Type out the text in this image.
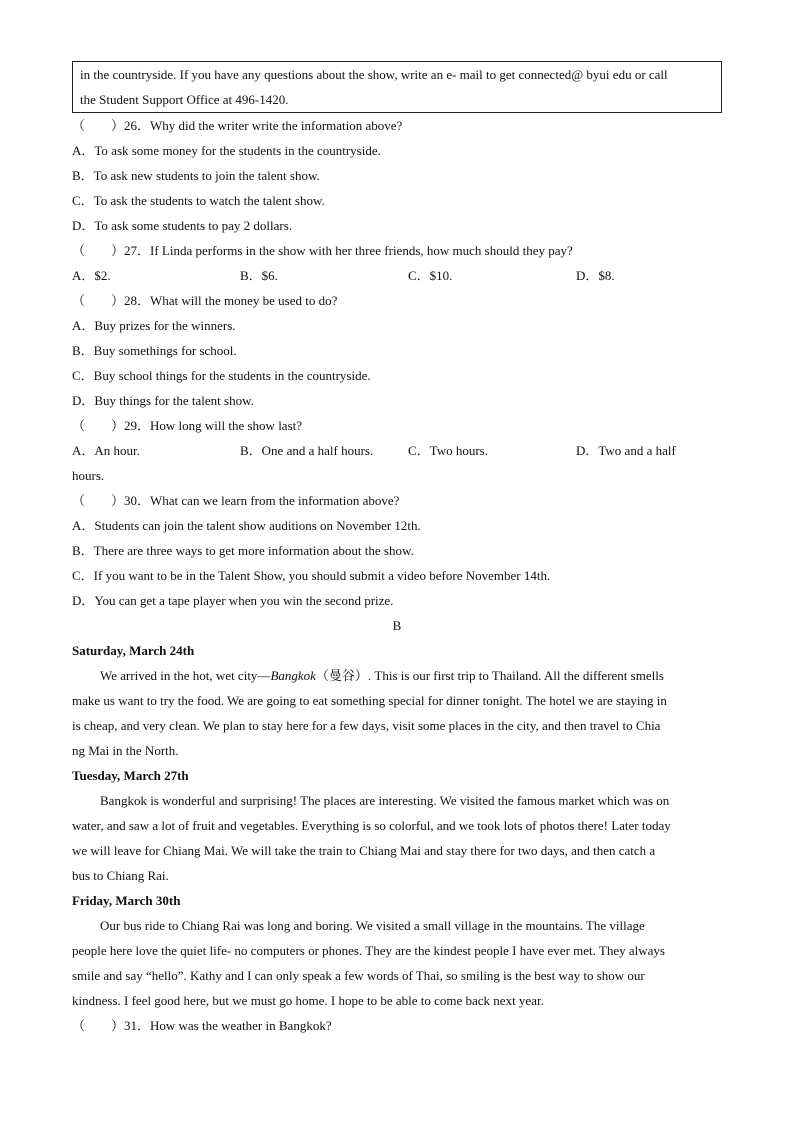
in the countryside. If you have any questions about the show, write an e- mail to get connected@ byui edu or call
the Student Support Office at 496-1420.
（　　）26．Why did the writer write the information above?
A．To ask some money for the students in the countryside.
B．To ask new students to join the talent show.
C．To ask the students to watch the talent show.
D．To ask some students to pay 2 dollars.
（　　）27．If Linda performs in the show with her three friends, how much should they pay?
A．$2.	B．$6.	C．$10.	D．$8.
（　　）28．What will the money be used to do?
A．Buy prizes for the winners.
B．Buy somethings for school.
C．Buy school things for the students in the countryside.
D．Buy things for the talent show.
（　　）29．How long will the show last?
A．An hour.	B．One and a half hours.	C．Two hours.	D．Two and a half
hours.
（　　）30．What can we learn from the information above?
A．Students can join the talent show auditions on November 12th.
B．There are three ways to get more information about the show.
C．If you want to be in the Talent Show, you should submit a video before November 14th.
D．You can get a tape player when you win the second prize.
B
Saturday, March 24th
We arrived in the hot, wet city—Bangkok（曼谷）. This is our first trip to Thailand. All the different smells
make us want to try the food. We are going to eat something special for dinner tonight. The hotel we are staying in
is cheap, and very clean. We plan to stay here for a few days, visit some places in the city, and then travel to Chia
ng Mai in the North.
Tuesday, March 27th
Bangkok is wonderful and surprising! The places are interesting. We visited the famous market which was on
water, and saw a lot of fruit and vegetables. Everything is so colorful, and we took lots of photos there! Later today
we will leave for Chiang Mai. We will take the train to Chiang Mai and stay there for two days, and then catch a
bus to Chiang Rai.
Friday, March 30th
Our bus ride to Chiang Rai was long and boring. We visited a small village in the mountains. The village
people here love the quiet life- no computers or phones. They are the kindest people I have ever met. They always
smile and say “hello”. Kathy and I can only speak a few words of Thai, so smiling is the best way to show our
kindness. I feel good here, but we must go home. I hope to be able to come back next year.
（　　）31．How was the weather in Bangkok?
